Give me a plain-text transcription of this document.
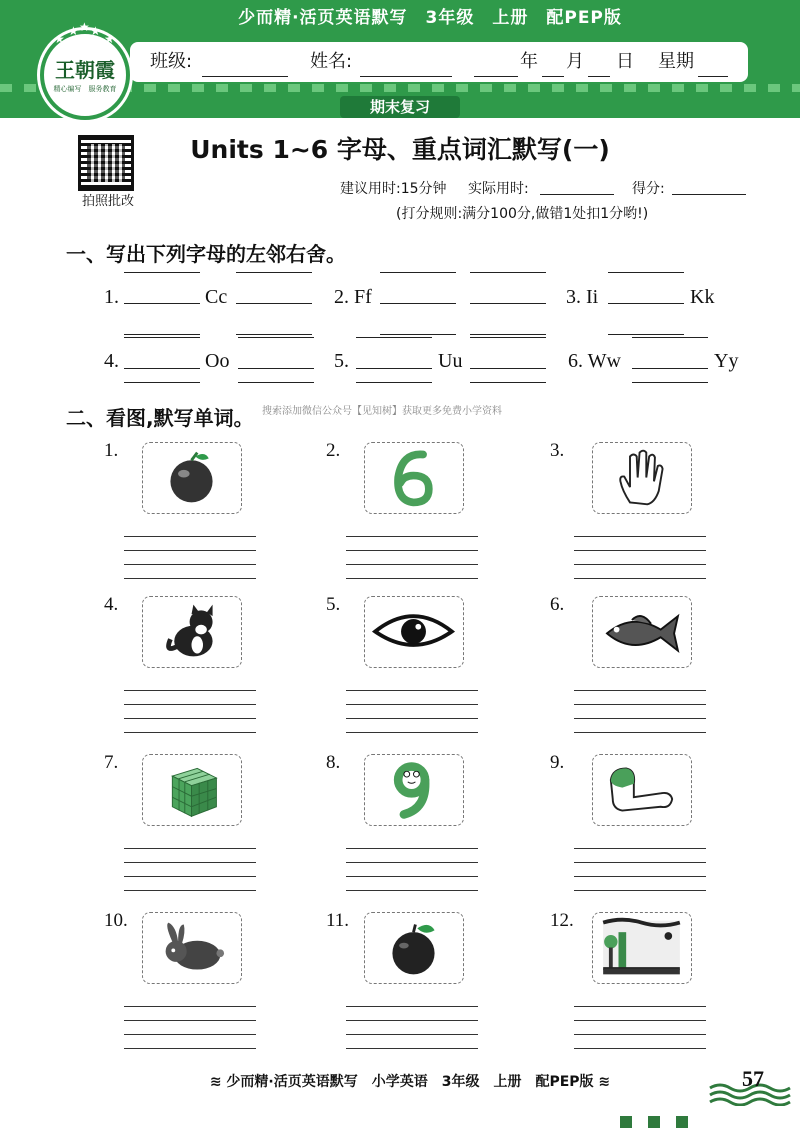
少而精·活页英语默写　3年级　上册　配PEP版
班级:	姓名:	年 月 日 星期
★
★ ★ ★
★
王朝霞
精心编写　服务教育
期末复习
拍照批改
Units 1~6 字母、重点词汇默写(一)
建议用时:15分钟 实际用时:	得分:
(打分规则:满分100分,做错1处扣1分哟!)
一、写出下列字母的左邻右舍。
1.	Cc	2. Ff	3. Ii	Kk
4.	Oo	5.	Uu	6. Ww	Yy
二、看图,默写单词。 搜索添加微信公众号【见知树】获取更多免费小学资料
1.	2.	3.
4.	5.	6.
7.	8.	9.
10.	11.	12.
≋ 少而精·活页英语默写　小学英语　3年级　上册　配PEP版 ≋	57
